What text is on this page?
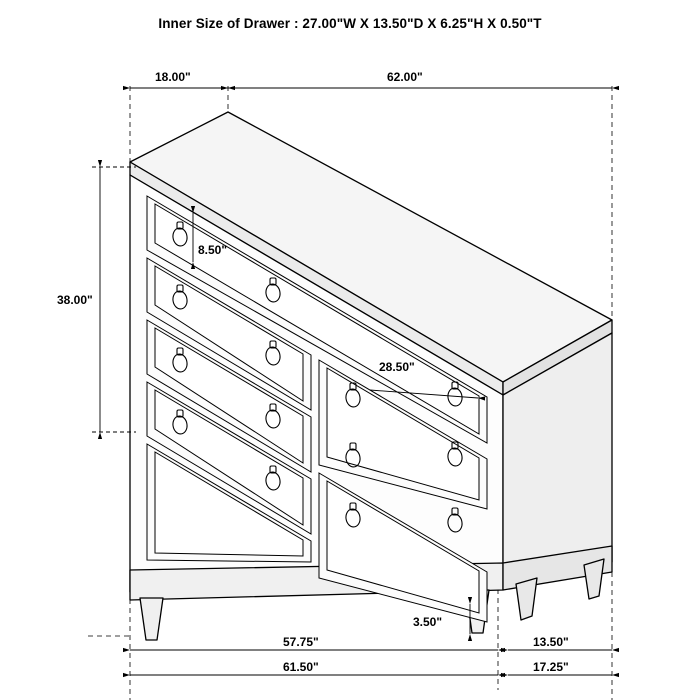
Inner Size of Drawer : 27.00"W X 13.50"D X 6.25"H X 0.50"T
18.00"	62.00"
38.00"
8.50"
28.50"
3.50"
57.75"	13.50"
61.50"	17.25"
